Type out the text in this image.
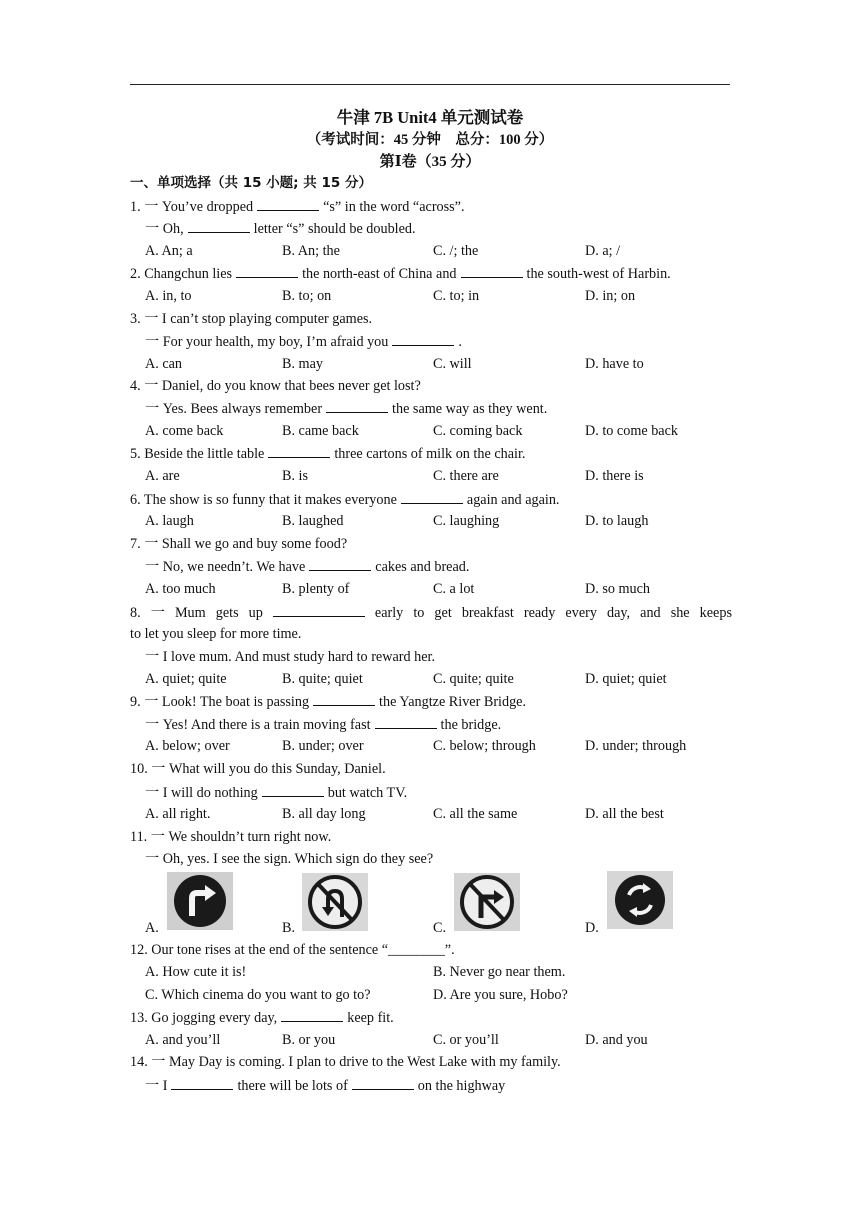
牛津 7B Unit4 单元测试卷
（考试时间：45 分钟　总分：100 分）
第Ⅰ卷（35 分）
一、单项选择（共 15 小题; 共 15 分）
1. 一 You’ve dropped	“s” in the word “across”.
一 Oh,	letter “s” should be doubled.
A. An; a	B. An; the	C. /; the	D. a; /
2. Changchun lies	the north-east of China and	the south-west of Harbin.
A. in, to	B. to; on	C. to; in	D. in; on
3. 一 I can’t stop playing computer games.
一 For your health, my boy, I’m afraid you	.
A. can	B. may	C. will	D. have to
4. 一 Daniel, do you know that bees never get lost?
一 Yes. Bees always remember	the same way as they went.
A. come back	B. came back	C. coming back	D. to come back
5. Beside the little table	three cartons of milk on the chair.
A. are	B. is	C. there are	D. there is
6. The show is so funny that it makes everyone	again and again.
A. laugh	B. laughed	C. laughing	D. to laugh
7. 一 Shall we go and buy some food?
一 No, we needn’t. We have	cakes and bread.
A. too much	B. plenty of	C. a lot	D. so much
8. 一 Mum gets up	early to get breakfast ready every day, and she keeps
to let you sleep for more time.
一 I love mum. And must study hard to reward her.
A. quiet; quite	B. quite; quiet	C. quite; quite	D. quiet; quiet
9. 一 Look! The boat is passing	the Yangtze River Bridge.
一 Yes! And there is a train moving fast	the bridge.
A. below; over	B. under; over	C. below; through	D. under; through
10. 一 What will you do this Sunday, Daniel.
一 I will do nothing	but watch TV.
A. all right.	B. all day long	C. all the same	D. all the best
11. 一 We shouldn’t turn right now.
一 Oh, yes. I see the sign. Which sign do they see?
A.	B.	C.	D.
12. Our tone rises at the end of the sentence “________”.
A. How cute it is!	B. Never go near them.
C. Which cinema do you want to go to?	D. Are you sure, Hobo?
13. Go jogging every day,	keep fit.
A. and you’ll	B. or you	C. or you’ll	D. and you
14. 一 May Day is coming. I plan to drive to the West Lake with my family.
一 I	there will be lots of	on the highway
